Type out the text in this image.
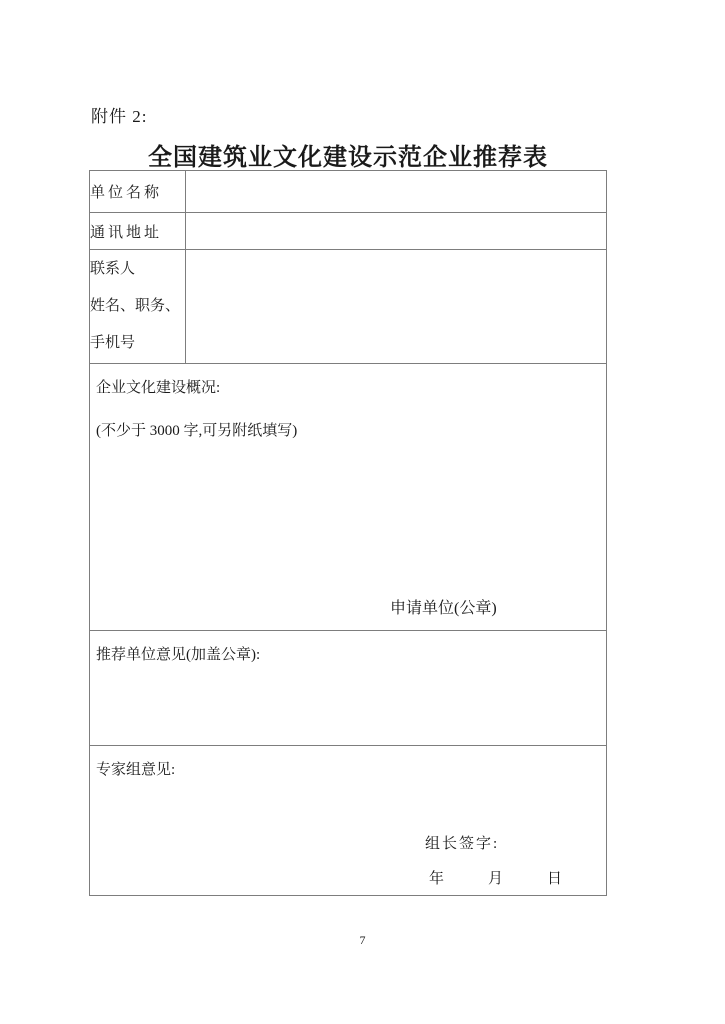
附件 2:
全国建筑业文化建设示范企业推荐表
单位名称	
通讯地址	

联系人
姓名、职务、
手机号	

企业文化建设概况:
(不少于 3000 字,可另附纸填写)
申请单位(公章)	

推荐单位意见(加盖公章):	

专家组意见:
组长签字:
年 月 日	
7
